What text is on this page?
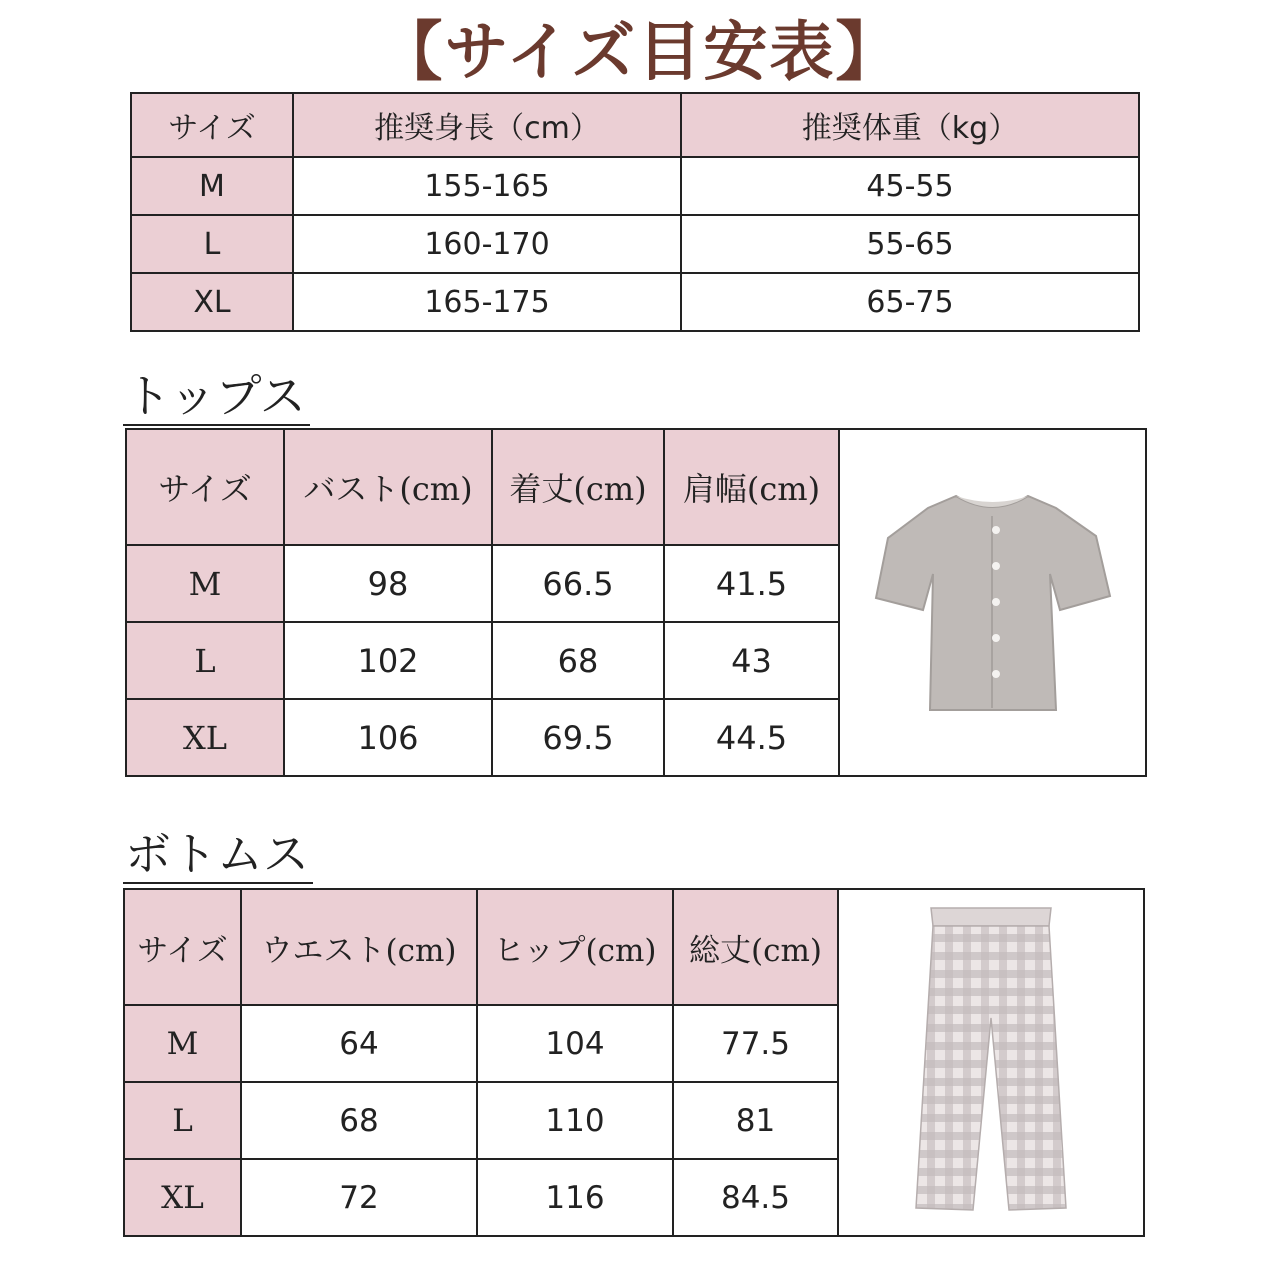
【サイズ目安表】
サイズ	推奨身長（cm）	推奨体重（kg）
M	155-165	45-55
L	160-170	55-65
XL	165-175	65-75
トップス
サイズ	バスト(cm)	着丈(cm)	肩幅(cm)	

M	98	66.5	41.5	
L	102	68	43	
XL	106	69.5	44.5	
ボトムス
サイズ	ウエスト(cm)	ヒップ(cm)	総丈(cm)	

M	64	104	77.5	
L	68	110	81	
XL	72	116	84.5	
